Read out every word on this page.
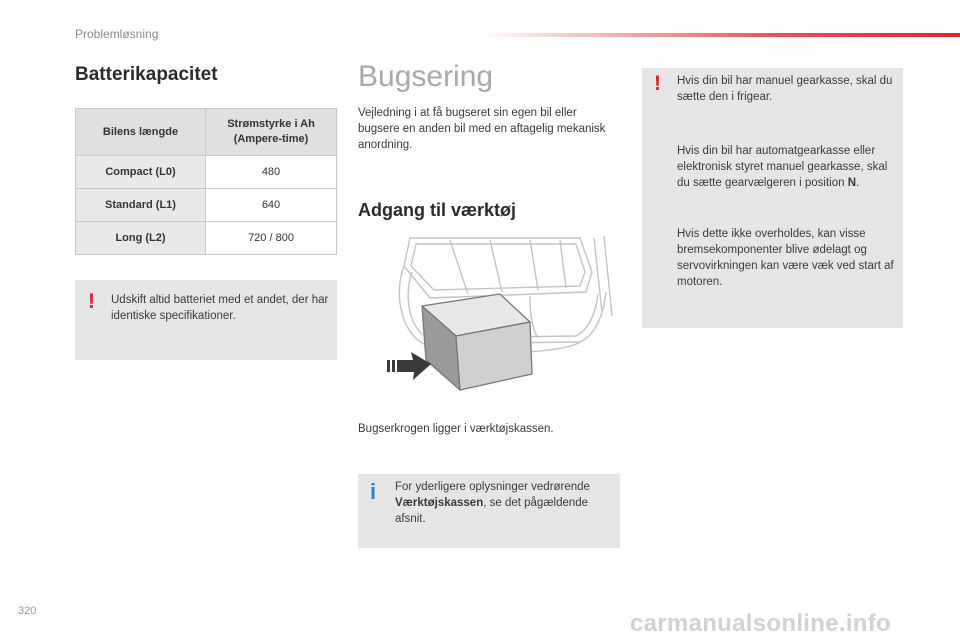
Problemløsning
Batterikapacitet
Bilens længde	Strømstyrke i Ah
(Ampere-time)
Compact (L0)	480
Standard (L1)	640
Long (L2)	720 / 800
! Udskift altid batteriet med et andet, der har identiske specifikationer.
Bugsering
Vejledning i at få bugseret sin egen bil eller bugsere en anden bil med en aftagelig mekanisk anordning.
Adgang til værktøj
Bugserkrogen ligger i værktøjskassen.
i For yderligere oplysninger vedrørende Værktøjskassen, se det pågældende afsnit.
! Hvis din bil har manuel gearkasse, skal du sætte den i frigear.
Hvis din bil har automatgearkasse eller elektronisk styret manuel gearkasse, skal du sætte gearvælgeren i position N.
Hvis dette ikke overholdes, kan visse bremsekomponenter blive ødelagt og servovirkningen kan være væk ved start af motoren.
320	carmanualsonline.info
